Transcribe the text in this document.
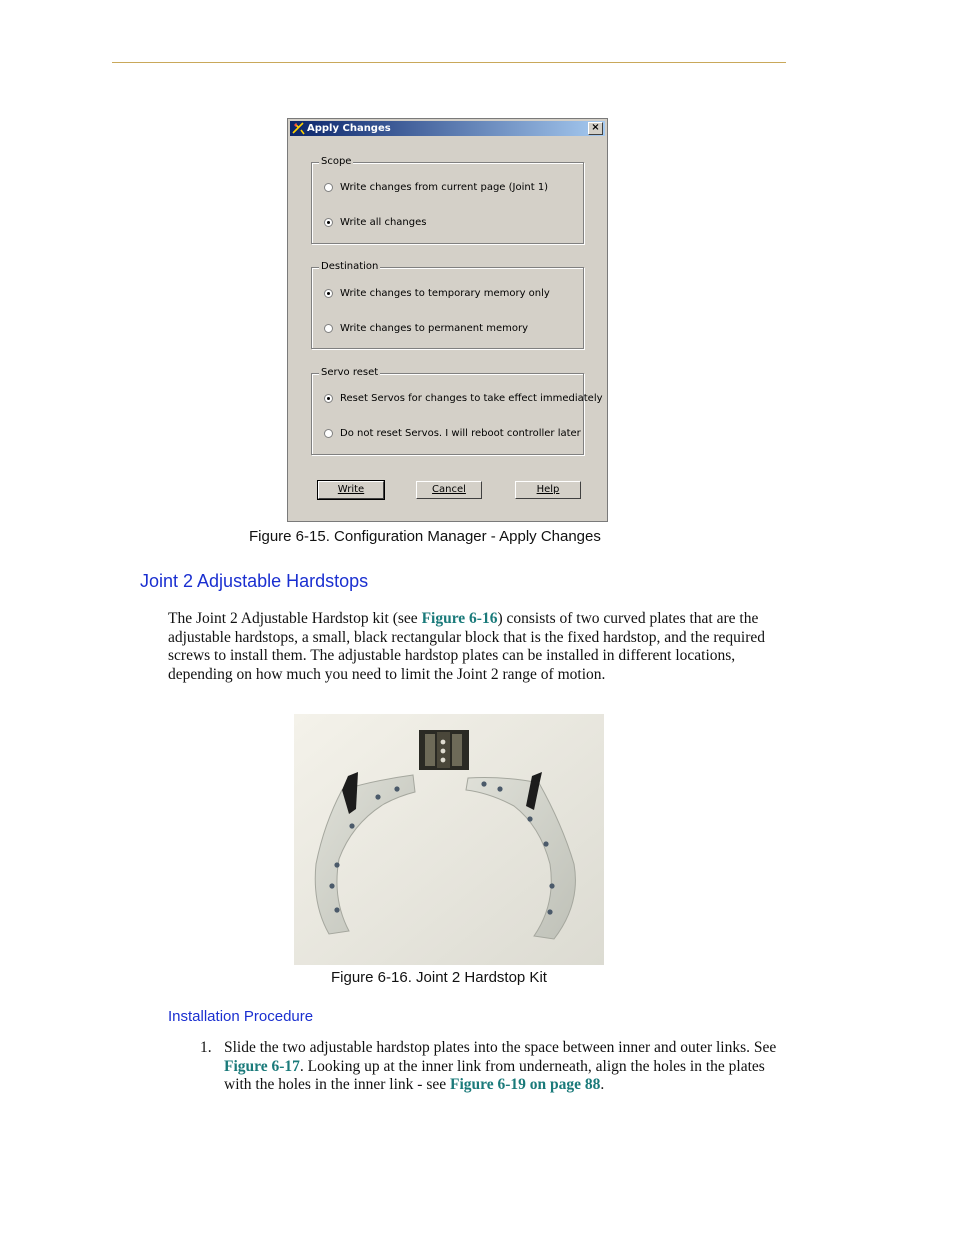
Apply Changes	×
Scope
Write changes from current page (Joint 1)
Write all changes
Destination
Write changes to temporary memory only
Write changes to permanent memory
Servo reset
Reset Servos for changes to take effect immediately
Do not reset Servos. I will reboot controller later
Write	Cancel	Help
Figure 6-15. Configuration Manager - Apply Changes
Joint 2 Adjustable Hardstops
The Joint 2 Adjustable Hardstop kit (see Figure 6-16) consists of two curved plates that are the adjustable hardstops, a small, black rectangular block that is the fixed hardstop, and the required screws to install them. The adjustable hardstop plates can be installed in different locations, depending on how much you need to limit the Joint 2 range of motion.
Figure 6-16. Joint 2 Hardstop Kit
Installation Procedure
1. Slide the two adjustable hardstop plates into the space between inner and outer links. See Figure 6-17. Looking up at the inner link from underneath, align the holes in the plates with the holes in the inner link - see Figure 6-19 on page 88.
